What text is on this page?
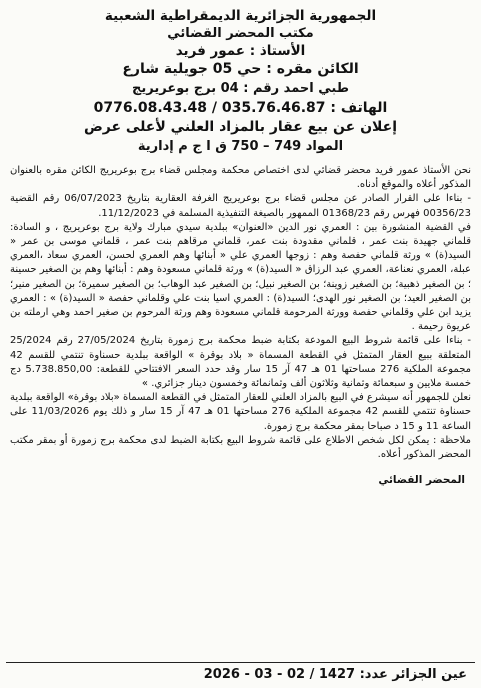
الجمهورية الجزائرية الديمقراطية الشعبية
مكتب المحضر القضائي
الأستاذ : عمور فريد
الكائن مقره : حي 05 جويلية شارع
طبي احمد رقم : 04 برج بوعريريج
الهاتف : 035.76.46.87 / 0776.08.43.48
إعلان عن بيع عقار بالمزاد العلني لأعلى عرض
المواد 749 – 750 ق ا ج م إدارية

نحن الأستاذ عمور فريد محضر قضائي لدى اختصاص محكمة ومجلس قضاء برج بوعريريج الكائن مقره بالعنوان المذكور أعلاه والموقع أدناه.

- بناءا على القرار الصادر عن مجلس قضاء برج بوعريريج الغرفة العقارية بتاريخ 06/07/2023 رقم القضية 00356/23 فهرس رقم 01368/23 الممهور بالصيغة التنفيذية المسلمة في 11/12/2023.

في القضية المنشورة بين : العمري نور الدين «العنوان» ببلدية سيدي مبارك ولاية برج بوعريريج ، و السادة: قلماني جهيدة بنت عمر ، قلماني مقدودة بنت عمر، قلماني مرقاهم بنت عمر ، قلماني موسى بن عمر « السيد(ة) » ورثة قلماني حفصة وهم : زوجها العمري علي « أبنائها وهم العمري لحسن، العمري سعاد ،العمري عبلة، العمري نعناعة، العمري عبد الرزاق « السيد(ة) » ورثة قلماني مسعودة وهم : أبنائها وهم بن الصغير حسينة ؛ بن الصغير ذهبية؛ بن الصغير زوينة؛ بن الصغير نبيل؛ بن الصغير عبد الوهاب؛ بن الصغير سميرة؛ بن الصغير منير؛ بن الصغير العيد؛ بن الصغير نور الهدى؛ السيد(ة) : العمري اسيا بنت علي وقلماني حفصة « السيد(ة) » : العمري يزيد ابن علي وقلماني حفصة وورثة المرحومة قلماني مسعودة وهم ورثة المرحوم بن صغير احمد وهي ارملته بن عريوة رحيمة .

- بناءا على قائمة شروط البيع المودعة بكتابة ضبط محكمة برج زمورة بتاريخ 27/05/2024 رقم 25/2024 المتعلقة ببيع العقار المتمثل في القطعة المسماة « بلاد بوقرة » الواقعة ببلدية حسناوة تنتمي للقسم 42 مجموعة الملكية 276 مساحتها 01 هـ 47 آر 15 سار وقد حدد السعر الافتتاحي للقطعة: 5.738.850,00 دج خمسة ملايين و سبعمائة وثمانية وثلاثون ألف وثمانمائة وخمسون دينار جزائري. »

نعلن للجمهور أنه سيشرع في البيع بالمزاد العلني للعقار المتمثل في القطعة المسماة «بلاد بوقرة» الواقعة ببلدية حسناوة تنتمي للقسم 42 مجموعة الملكية 276 مساحتها 01 هـ 47 آر 15 سار و ذلك يوم 11/03/2026 على الساعة 11 و 15 د صباحا بمقر محكمة برج زمورة.

ملاحظة : يمكن لكل شخص الاطلاع على قائمة شروط البيع بكتابة الضبط لدى محكمة برج زمورة أو بمقر مكتب المحضر المذكور أعلاه.

المحضر القضائي
عين الجزائر عدد: 1427 / 02 - 03 - 2026
